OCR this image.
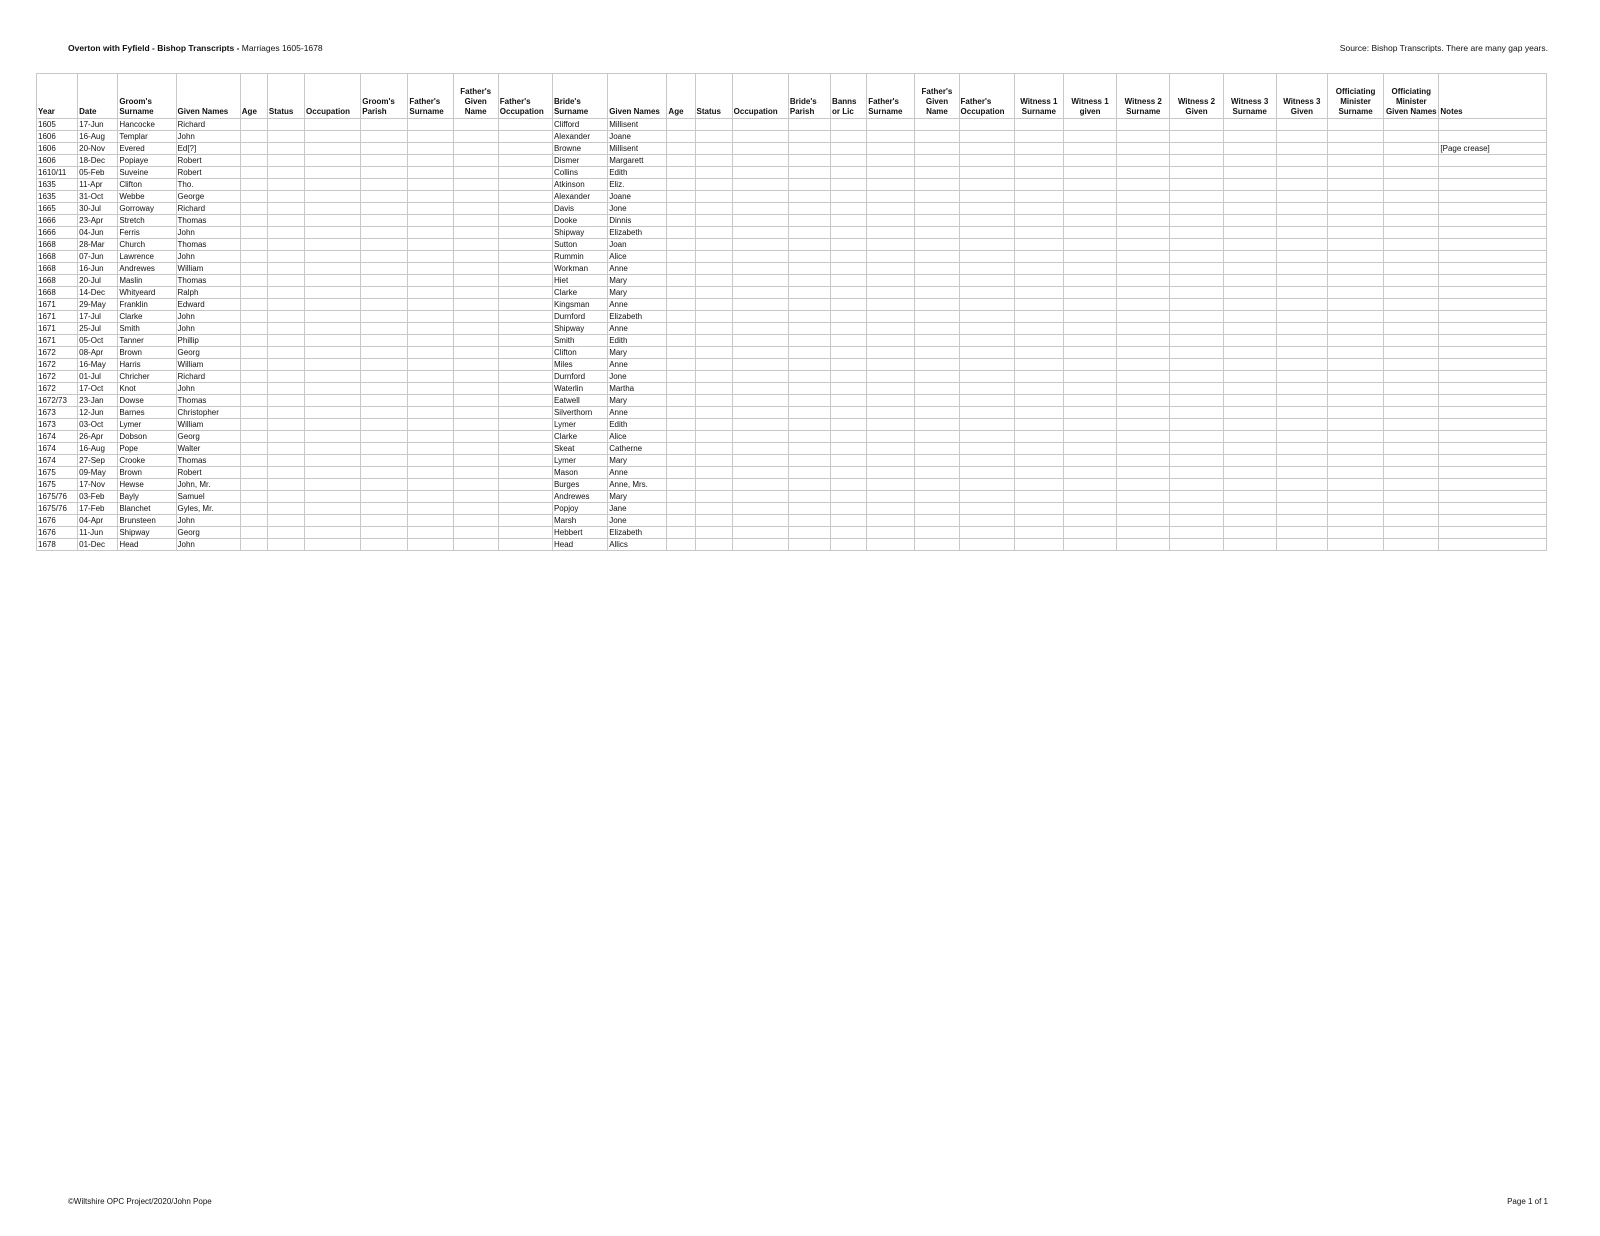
Overton with Fyfield - Bishop Transcripts - Marriages 1605-1678	Source: Bishop Transcripts. There are many gap years.
Year	Date	Groom's Surname	Given Names	Age	Status	Occupation	Groom's Parish	Father's Surname	Father's Given Name	Father's Occupation	Bride's Surname	Given Names	Age	Status	Occupation	Bride's Parish	Banns or Lic	Father's Surname	Father's Given Name	Father's Occupation	Witness 1 Surname	Witness 1 given	Witness 2 Surname	Witness 2 Given	Witness 3 Surname	Witness 3 Given	Officiating Minister Surname	Officiating Minister Given Names	Notes
1605	17-Jun	Hancocke	Richard								Clifford	Millisent																	
1606	16-Aug	Templar	John								Alexander	Joane																	
1606	20-Nov	Evered	Ed[?]								Browne	Millisent																	[Page crease]
1606	18-Dec	Popiaye	Robert								Dismer	Margarett																	
1610/11	05-Feb	Suveine	Robert								Collins	Edith																	
1635	11-Apr	Clifton	Tho.								Atkinson	Eliz.																	
1635	31-Oct	Webbe	George								Alexander	Joane																	
1665	30-Jul	Gorroway	Richard								Davis	Jone																	
1666	23-Apr	Stretch	Thomas								Dooke	Dinnis																	
1666	04-Jun	Ferris	John								Shipway	Elizabeth																	
1668	28-Mar	Church	Thomas								Sutton	Joan																	
1668	07-Jun	Lawrence	John								Rummin	Alice																	
1668	16-Jun	Andrewes	William								Workman	Anne																	
1668	20-Jul	Maslin	Thomas								Hiet	Mary																	
1668	14-Dec	Whityeard	Ralph								Clarke	Mary																	
1671	29-May	Franklin	Edward								Kingsman	Anne																	
1671	17-Jul	Clarke	John								Durnford	Elizabeth																	
1671	25-Jul	Smith	John								Shipway	Anne																	
1671	05-Oct	Tanner	Phillip								Smith	Edith																	
1672	08-Apr	Brown	Georg								Clifton	Mary																	
1672	16-May	Harris	William								Miles	Anne																	
1672	01-Jul	Chricher	Richard								Durnford	Jone																	
1672	17-Oct	Knot	John								Waterlin	Martha																	
1672/73	23-Jan	Dowse	Thomas								Eatwell	Mary																	
1673	12-Jun	Barnes	Christopher								Silverthorn	Anne																	
1673	03-Oct	Lymer	William								Lymer	Edith																	
1674	26-Apr	Dobson	Georg								Clarke	Alice																	
1674	16-Aug	Pope	Walter								Skeat	Catherne																	
1674	27-Sep	Crooke	Thomas								Lymer	Mary																	
1675	09-May	Brown	Robert								Mason	Anne																	
1675	17-Nov	Hewse	John, Mr.								Burges	Anne, Mrs.																	
1675/76	03-Feb	Bayly	Samuel								Andrewes	Mary																	
1675/76	17-Feb	Blanchet	Gyles, Mr.								Popjoy	Jane																	
1676	04-Apr	Brunsteen	John								Marsh	Jone																	
1676	11-Jun	Shipway	Georg								Hebbert	Elizabeth																	
1678	01-Dec	Head	John								Head	Allics																	
©Wiltshire OPC Project/2020/John Pope	Page 1 of 1
